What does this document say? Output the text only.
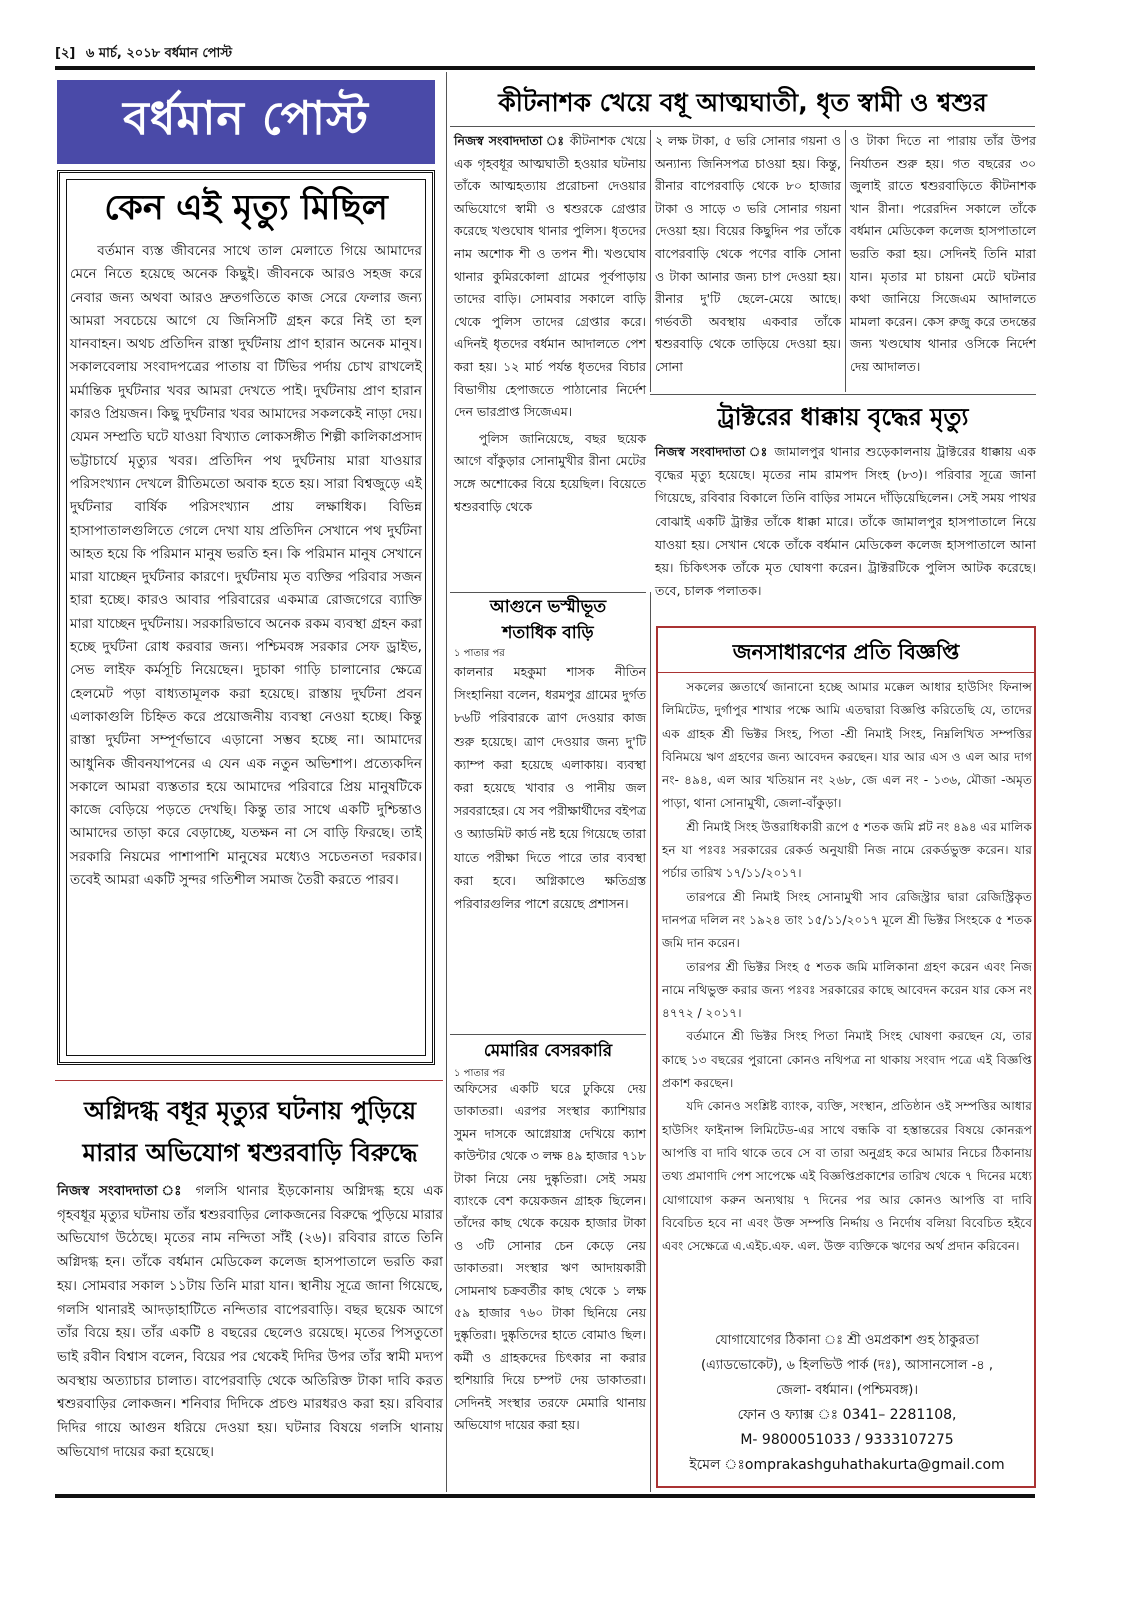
[২] ৬ মার্চ, ২০১৮ বর্ধমান পোস্ট
বর্ধমান পোস্ট
কেন এই মৃত্যু মিছিল

বর্তমান ব্যস্ত জীবনের সাথে তাল মেলাতে গিয়ে আমাদের মেনে নিতে হয়েছে অনেক কিছুই। জীবনকে আরও সহজ করে নেবার জন্য অথবা আরও দ্রুতগতিতে কাজ সেরে ফেলার জন্য আমরা সবচেয়ে আগে যে জিনিসটি গ্রহন করে নিই তা হল যানবাহন। অথচ প্রতিদিন রাস্তা দুর্ঘটনায় প্রাণ হারান অনেক মানুষ। সকালবেলায় সংবাদপত্রের পাতায় বা টিভির পর্দায় চোখ রাখলেই মর্মান্তিক দুর্ঘটনার খবর আমরা দেখতে পাই। দুর্ঘটনায় প্রাণ হারান কারও প্রিয়জন। কিছু দুর্ঘটনার খবর আমাদের সকলকেই নাড়া দেয়। যেমন সম্প্রতি ঘটে যাওয়া বিখ্যাত লোকসঙ্গীত শিল্পী কালিকাপ্রসাদ ভট্টাচার্যে মৃত্যুর খবর। প্রতিদিন পথ দুর্ঘটনায় মারা যাওয়ার পরিসংখ্যান দেখলে রীতিমতো অবাক হতে হয়। সারা বিশ্বজুড়ে এই দুর্ঘটনার বার্ষিক পরিসংখ্যান প্রায় লক্ষাধিক। বিভিন্ন হাসাপাতালগুলিতে গেলে দেখা যায় প্রতিদিন সেখানে পথ দুর্ঘটনা আহত হয়ে কি পরিমান মানুষ ভরতি হন। কি পরিমান মানুষ সেখানে মারা যাচ্ছেন দুর্ঘটনার কারণে। দুর্ঘটনায় মৃত ব্যক্তির পরিবার সজন হারা হচ্ছে। কারও আবার পরিবারের একমাত্র রোজগেরে ব্যাক্তি মারা যাচ্ছেন দুর্ঘটনায়। সরকারিভাবে অনেক রকম ব্যবস্থা গ্রহন করা হচ্ছে দুর্ঘটনা রোধ করবার জন্য। পশ্চিমবঙ্গ সরকার সেফ ড্রাইভ, সেভ লাইফ কর্মসূচি নিয়েছেন। দুচাকা গাড়ি চালানোর ক্ষেত্রে হেলমেট পড়া বাধ্যতামূলক করা হয়েছে। রাস্তায় দুর্ঘটনা প্রবন এলাকাগুলি চিহ্নিত করে প্রয়োজনীয় ব্যবস্থা নেওয়া হচ্ছে। কিন্তু রাস্তা দুর্ঘটনা সম্পূর্ণভাবে এড়ানো সম্ভব হচ্ছে না। আমাদের আধুনিক জীবনযাপনের এ যেন এক নতুন অভিশাপ। প্রত্যেকদিন সকালে আমরা ব্যস্ততার হয়ে আমাদের পরিবারে প্রিয় মানুষটিকে কাজে বেড়িয়ে পড়তে দেখছি। কিন্তু তার সাথে একটি দুশ্চিন্তাও আমাদের তাড়া করে বেড়াচ্ছে, যতক্ষন না সে বাড়ি ফিরছে। তাই সরকারি নিয়মের পাশাপাশি মানুষের মধ্যেও সচেতনতা দরকার। তবেই আমরা একটি সুন্দর গতিশীল সমাজ তৈরী করতে পারব।

অগ্নিদগ্ধ বধূর মৃত্যুর ঘটনায় পুড়িয়ে
মারার অভিযোগ শ্বশুরবাড়ি বিরুদ্ধে
নিজস্ব সংবাদদাতা ঃ গলসি থানার ইড়কোনায় অগ্নিদগ্ধ হয়ে এক গৃহবধূর মৃত্যুর ঘটনায় তাঁর শ্বশুরবাড়ির লোকজনের বিরুদ্ধে পুড়িয়ে মারার অভিযোগ উঠেছে। মৃতের নাম নন্দিতা সাঁই (২৬)। রবিবার রাতে তিনি অগ্নিদগ্ধ হন। তাঁকে বর্ধমান মেডিকেল কলেজ হাসপাতালে ভরতি করা হয়। সোমবার সকাল ১১টায় তিনি মারা যান। স্থানীয় সূত্রে জানা গিয়েছে, গলসি থানারই আদড়াহাটিতে নন্দিতার বাপেরবাড়ি। বছর ছয়েক আগে তাঁর বিয়ে হয়। তাঁর একটি ৪ বছরের ছেলেও রয়েছে। মৃতের পিসতুতো ভাই রবীন বিশ্বাস বলেন, বিয়ের পর থেকেই দিদির উপর তাঁর স্বামী মদ্যপ অবস্থায় অত্যাচার চালাত। বাপেরবাড়ি থেকে অতিরিক্ত টাকা দাবি করত শ্বশুরবাড়ির লোকজন। শনিবার দিদিকে প্রচণ্ড মারধরও করা হয়। রবিবার দিদির গায়ে আগুন ধরিয়ে দেওয়া হয়। ঘটনার বিষয়ে গলসি থানায় অভিযোগ দায়ের করা হয়েছে।
কীটনাশক খেয়ে বধূ আত্মঘাতী, ধৃত স্বামী ও শ্বশুর
নিজস্ব সংবাদদাতা ঃ কীটনাশক খেয়ে এক গৃহবধূর আত্মঘাতী হওয়ার ঘটনায় তাঁকে আত্মহত্যায় প্ররোচনা দেওয়ার অভিযোগে স্বামী ও শ্বশুরকে গ্রেপ্তার করেছে খণ্ডঘোষ থানার পুলিস। ধৃতদের নাম অশোক শী ও তপন শী। খণ্ডঘোষ থানার কুমিরকোলা গ্রামের পূর্বপাড়ায় তাদের বাড়ি। সোমবার সকালে বাড়ি থেকে পুলিস তাদের গ্রেপ্তার করে। এদিনই ধৃতদের বর্ধমান আদালতে পেশ করা হয়। ১২ মার্চ পর্যন্ত ধৃতদের বিচার বিভাগীয় হেপাজতে পাঠানোর নির্দেশ দেন ভারপ্রাপ্ত সিজেএম।

পুলিস জানিয়েছে, বছর ছয়েক আগে বাঁকুড়ার সোনামুখীর রীনা মেটের সঙ্গে অশোকের বিয়ে হয়েছিল। বিয়েতে শ্বশুরবাড়ি থেকে

২ লক্ষ টাকা, ৫ ভরি সোনার গয়না ও অন্যান্য জিনিসপত্র চাওয়া হয়। কিন্তু, রীনার বাপেরবাড়ি থেকে ৮০ হাজার টাকা ও সাড়ে ৩ ভরি সোনার গয়না দেওয়া হয়। বিয়ের কিছুদিন পর তাঁকে বাপেরবাড়ি থেকে পণের বাকি সোনা ও টাকা আনার জন্য চাপ দেওয়া হয়। রীনার দু'টি ছেলে-মেয়ে আছে। গর্ভবতী অবস্থায় একবার তাঁকে শ্বশুরবাড়ি থেকে তাড়িয়ে দেওয়া হয়। সোনা
ও টাকা দিতে না পারায় তাঁর উপর নির্যাতন শুরু হয়। গত বছরের ৩০ জুলাই রাতে শ্বশুরবাড়িতে কীটনাশক খান রীনা। পরেরদিন সকালে তাঁকে বর্ধমান মেডিকেল কলেজ হাসপাতালে ভরতি করা হয়। সেদিনই তিনি মারা যান। মৃতার মা চায়না মেটে ঘটনার কথা জানিয়ে সিজেএম আদালতে মামলা করেন। কেস রুজু করে তদন্তের জন্য খণ্ডঘোষ থানার ওসিকে নির্দেশ দেয় আদালত।
ট্রাক্টরের ধাক্কায় বৃদ্ধের মৃত্যু
নিজস্ব সংবাদদাতা ঃ জামালপুর থানার শুড়েকালনায় ট্রাক্টরের ধাক্কায় এক বৃদ্ধের মৃত্যু হয়েছে। মৃতের নাম রামপদ সিংহ (৮৩)। পরিবার সূত্রে জানা গিয়েছে, রবিবার বিকালে তিনি বাড়ির সামনে দাঁড়িয়েছিলেন। সেই সময় পাথর বোঝাই একটি ট্রাক্টর তাঁকে ধাক্কা মারে। তাঁকে জামালপুর হাসপাতালে নিয়ে যাওয়া হয়। সেখান থেকে তাঁকে বর্ধমান মেডিকেল কলেজ হাসপাতালে আনা হয়। চিকিৎসক তাঁকে মৃত ঘোষণা করেন। ট্রাক্টরটিকে পুলিস আটক করেছে। তবে, চালক পলাতক।
আগুনে ভস্মীভূত
শতাধিক বাড়ি
১ পাতার পর
কালনার মহকুমা শাসক নীতিন সিংহানিয়া বলেন, ধরমপুর গ্রামের দুর্গত ৮৬টি পরিবারকে ত্রাণ দেওয়ার কাজ শুরু হয়েছে। ত্রাণ দেওয়ার জন্য দু'টি ক্যাম্প করা হয়েছে এলাকায়। ব্যবস্থা করা হয়েছে খাবার ও পানীয় জল সরবরাহের। যে সব পরীক্ষার্থীদের বইপত্র ও অ্যাডমিট কার্ড নষ্ট হয়ে গিয়েছে তারা যাতে পরীক্ষা দিতে পারে তার ব্যবস্থা করা হবে। অগ্নিকাণ্ডে ক্ষতিগ্রস্ত পরিবারগুলির পাশে রয়েছে প্রশাসন।
মেমারির বেসরকারি
১ পাতার পর
অফিসের একটি ঘরে ঢুকিয়ে দেয় ডাকাতরা। এরপর সংস্থার ক্যাশিয়ার সুমন দাসকে আগ্নেয়াস্ত্র দেখিয়ে ক্যাশ কাউন্টার থেকে ৩ লক্ষ ৪৯ হাজার ৭১৮ টাকা নিয়ে নেয় দুষ্কৃতিরা। সেই সময় ব্যাংকে বেশ কয়েকজন গ্রাহক ছিলেন। তাঁদের কাছ থেকে কয়েক হাজার টাকা ও ৩টি সোনার চেন কেড়ে নেয় ডাকাতরা। সংস্থার ঋণ আদায়কারী সোমনাথ চক্রবর্তীর কাছ থেকে ১ লক্ষ ৫৯ হাজার ৭৬০ টাকা ছিনিয়ে নেয় দুষ্কৃতিরা। দুষ্কৃতিদের হাতে বোমাও ছিল। কর্মী ও গ্রাহকদের চিৎকার না করার হুশিয়ারি দিয়ে চম্পট দেয় ডাকাতরা। সেদিনই সংস্থার তরফে মেমারি থানায় অভিযোগ দায়ের করা হয়।
জনসাধারণের প্রতি বিজ্ঞপ্তি

সকলের জ্ঞতার্থে জানানো হচ্ছে আমার মক্কেল আধার হাউসিং ফিনান্স লিমিটেড, দুর্গাপুর শাখার পক্ষে আমি এতদ্বারা বিজ্ঞপ্তি করিতেছি যে, তাদের এক গ্রাহক শ্রী ভিক্টর সিংহ, পিতা -শ্রী নিমাই সিংহ, নিম্নলিখিত সম্পত্তির বিনিময়ে ঋণ গ্রহণের জন্য আবেদন করছেন। যার আর এস ও এল আর দাগ নং- ৪৯৪, এল আর খতিয়ান নং ২৬৮, জে এল নং - ১৩৬, মৌজা -অমৃত পাড়া, থানা সোনামুখী, জেলা-বাঁকুড়া।

শ্রী নিমাই সিংহ উত্তরাধিকারী রূপে ৫ শতক জমি প্লট নং ৪৯৪ এর মালিক হন যা পঃবঃ সরকারের রেকর্ড অনুযায়ী নিজ নামে রেকর্ডভুক্ত করেন। যার পর্চার তারিখ ১৭/১১/২০১৭।

তারপরে শ্রী নিমাই সিংহ সোনামুখী সাব রেজিস্ট্রার দ্বারা রেজিস্ট্রিকৃত দানপত্র দলিল নং ১৯২৪ তাং ১৫/১১/২০১৭ মূলে শ্রী ভিক্টর সিংহকে ৫ শতক জমি দান করেন।

তারপর শ্রী ভিক্টর সিংহ ৫ শতক জমি মালিকানা গ্রহণ করেন এবং নিজ নামে নথিভুক্ত করার জন্য পঃবঃ সরকারের কাছে আবেদন করেন যার কেস নং ৪৭৭২ / ২০১৭।

বর্তমানে শ্রী ভিক্টর সিংহ পিতা নিমাই সিংহ ঘোষণা করছেন যে, তার কাছে ১৩ বছরের পুরানো কোনও নথিপত্র না থাকায় সংবাদ পত্রে এই বিজ্ঞপ্তি প্রকাশ করছেন।

যদি কোনও সংশ্লিষ্ট ব্যাংক, ব্যক্তি, সংস্থান, প্রতিষ্ঠান ওই সম্পত্তির আধার হাউসিং ফাইনান্স লিমিটেড-এর সাথে বন্ধকি বা হস্তান্তরের বিষয়ে কোনরূপ আপত্তি বা দাবি থাকে তবে সে বা তারা অনুগ্রহ করে আমার নিচের ঠিকানায় তথ্য প্রমাণাদি পেশ সাপেক্ষে এই বিজ্ঞপ্তিপ্রকাশের তারিখ থেকে ৭ দিনের মধ্যে যোগাযোগ করুন অন্যথায় ৭ দিনের পর আর কোনও আপত্তি বা দাবি বিবেচিত হবে না এবং উক্ত সম্পত্তি নির্দ্দায় ও নির্দোষ বলিয়া বিবেচিত হইবে এবং সেক্ষেত্রে এ.এইচ.এফ. এল. উক্ত ব্যক্তিকে ঋণের অর্থ প্রদান করিবেন।

যোগাযোগের ঠিকানা ঃ শ্রী ওমপ্রকাশ গুহ ঠাকুরতা
(এ্যাডভোকেট), ৬ হিলভিউ পার্ক (দঃ), আসানসোল -৪ ,
জেলা- বর্ধমান। (পশ্চিমবঙ্গ)।
ফোন ও ফ্যাক্স ঃ 0341– 2281108,
M- 9800051033 / 9333107275
ইমেল ঃomprakashguhathakurta@gmail.com
